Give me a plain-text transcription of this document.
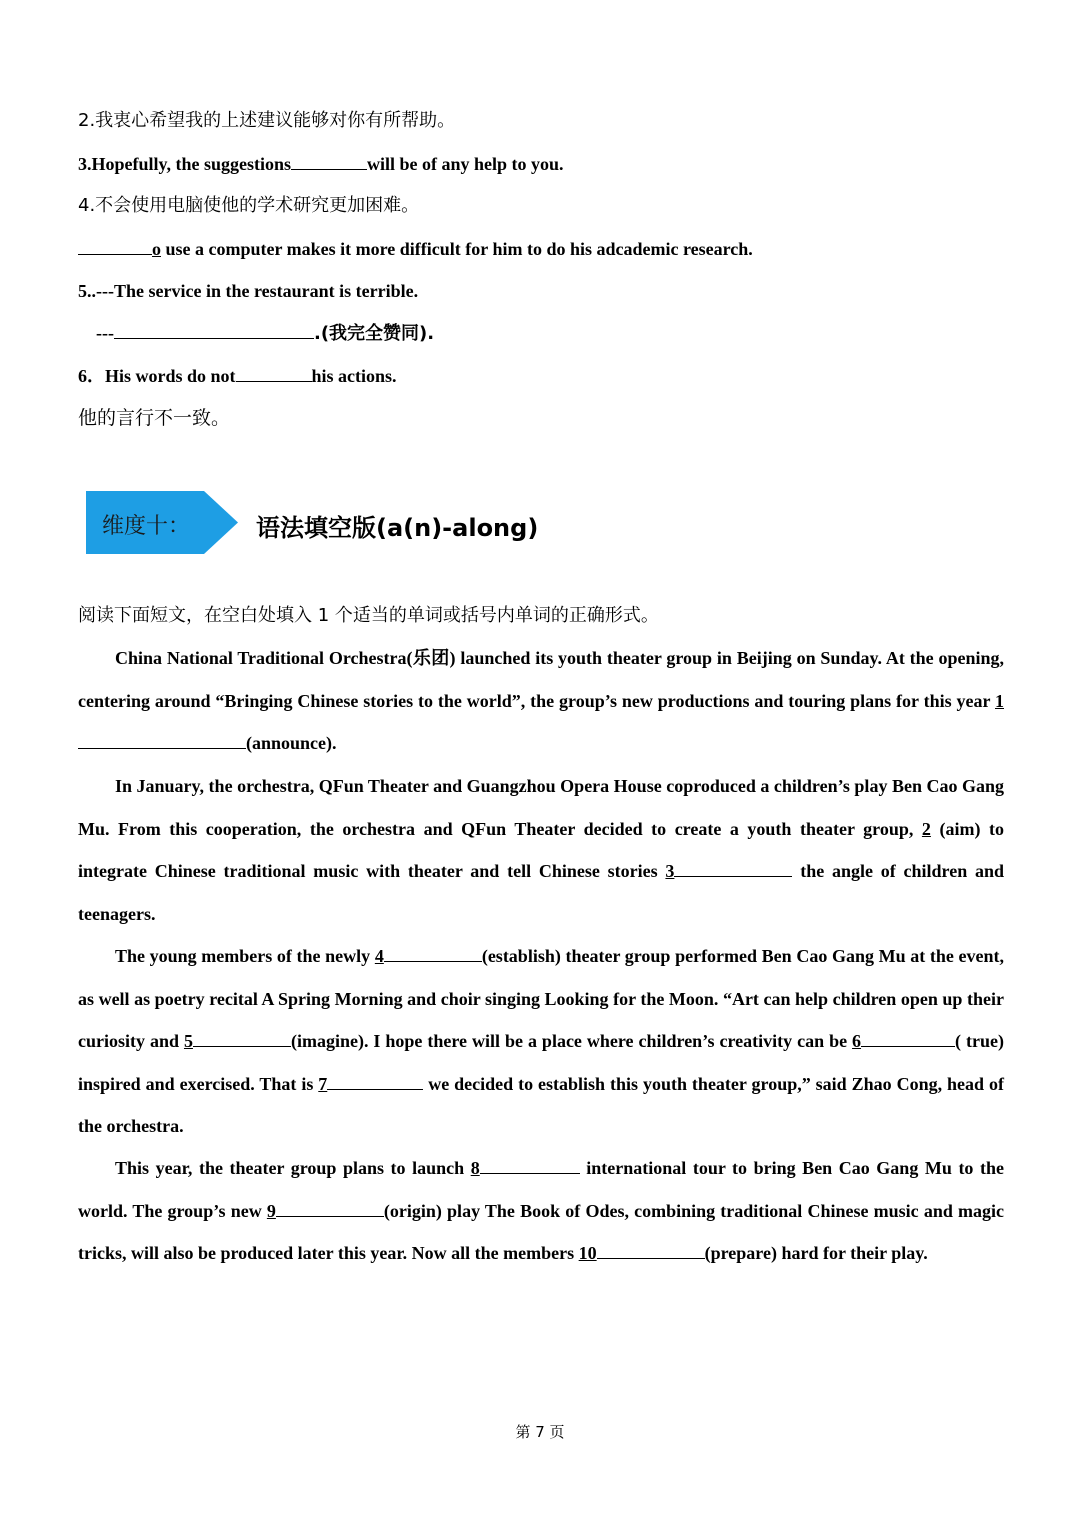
2.我衷心希望我的上述建议能够对你有所帮助。
3.Hopefully, the suggestions	will be of any help to you.
4.不会使用电脑使他的学术研究更加困难。
o use a computer makes it more difficult for him to do his adcademic research.
5..---The service in the restaurant is terrible.
---	.(我完全赞同).
6．His words do not	his actions.
他的言行不一致。
维度十：	语法填空版(a(n)-along)
阅读下面短文，在空白处填入 1 个适当的单词或括号内单词的正确形式。
China National Traditional Orchestra(乐团) launched its youth theater group in Beijing on Sunday. At the opening, centering around “Bringing Chinese stories to the world”, the group’s new productions and touring plans for this year 1(announce).
In January, the orchestra, QFun Theater and Guangzhou Opera House coproduced a children’s play Ben Cao Gang Mu. From this cooperation, the orchestra and QFun Theater decided to create a youth theater group, 2 (aim) to integrate Chinese traditional music with theater and tell Chinese stories 3	the angle of children and teenagers.
The young members of the newly 4	(establish) theater group performed Ben Cao Gang Mu at the event, as well as poetry recital A Spring Morning and choir singing Looking for the Moon. “Art can help children open up their curiosity and 5	(imagine). I hope there will be a place where children’s creativity can be 6	( true) inspired and exercised. That is 7	we decided to establish this youth theater group,” said Zhao Cong, head of the orchestra.
This year, the theater group plans to launch 8	international tour to bring Ben Cao Gang Mu to the world. The group’s new 9	(origin) play The Book of Odes, combining traditional Chinese music and magic tricks, will also be produced later this year. Now all the members 10	(prepare) hard for their play.
第 7 页
